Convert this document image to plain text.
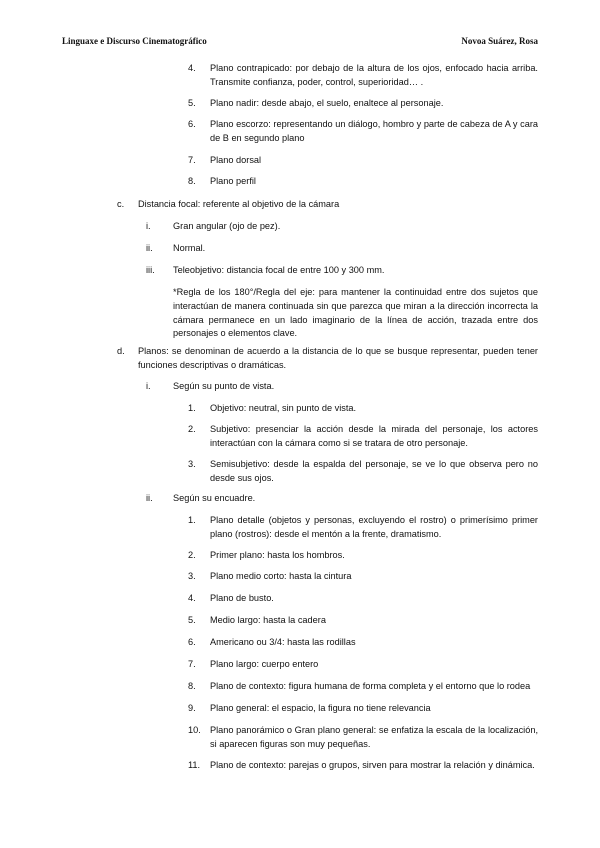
Linguaxe e Discurso Cinematográfico	Novoa Suárez, Rosa
4.	Plano contrapicado: por debajo de la altura de los ojos, enfocado hacia arriba. Transmite confianza, poder, control, superioridad… .
5.	Plano nadir: desde abajo, el suelo, enaltece al personaje.
6.	Plano escorzo: representando un diálogo, hombro y parte de cabeza de A y cara de B en segundo plano
7.	Plano dorsal
8.	Plano perfil
c.	Distancia focal: referente al objetivo de la cámara
i.	Gran angular (ojo de pez).
ii.	Normal.
iii.	Teleobjetivo: distancia focal de entre 100 y 300 mm.
*Regla de los 180°/Regla del eje: para mantener la continuidad entre dos sujetos que interactúan de manera continuada sin que parezca que miran a la dirección incorrecta la cámara permanece en un lado imaginario de la línea de acción, trazada entre dos personajes o elementos clave.
d.	Planos: se denominan de acuerdo a la distancia de lo que se busque representar, pueden tener funciones descriptivas o dramáticas.
i.	Según su punto de vista.
1.	Objetivo: neutral, sin punto de vista.
2.	Subjetivo: presenciar la acción desde la mirada del personaje, los actores interactúan con la cámara como si se tratara de otro personaje.
3.	Semisubjetivo: desde la espalda del personaje, se ve lo que observa pero no desde sus ojos.
ii.	Según su encuadre.
1.	Plano detalle (objetos y personas, excluyendo el rostro) o primerísimo primer plano (rostros): desde el mentón a la frente, dramatismo.
2.	Primer plano: hasta los hombros.
3.	Plano medio corto: hasta la cintura
4.	Plano de busto.
5.	Medio largo: hasta la cadera
6.	Americano ou 3/4: hasta las rodillas
7.	Plano largo: cuerpo entero
8.	Plano de contexto: figura humana de forma completa y el entorno que lo rodea
9.	Plano general: el espacio, la figura no tiene relevancia
10.	Plano panorámico o Gran plano general: se enfatiza la escala de la localización, si aparecen figuras son muy pequeñas.
11.	Plano de contexto: parejas o grupos, sirven para mostrar la relación y dinámica.
